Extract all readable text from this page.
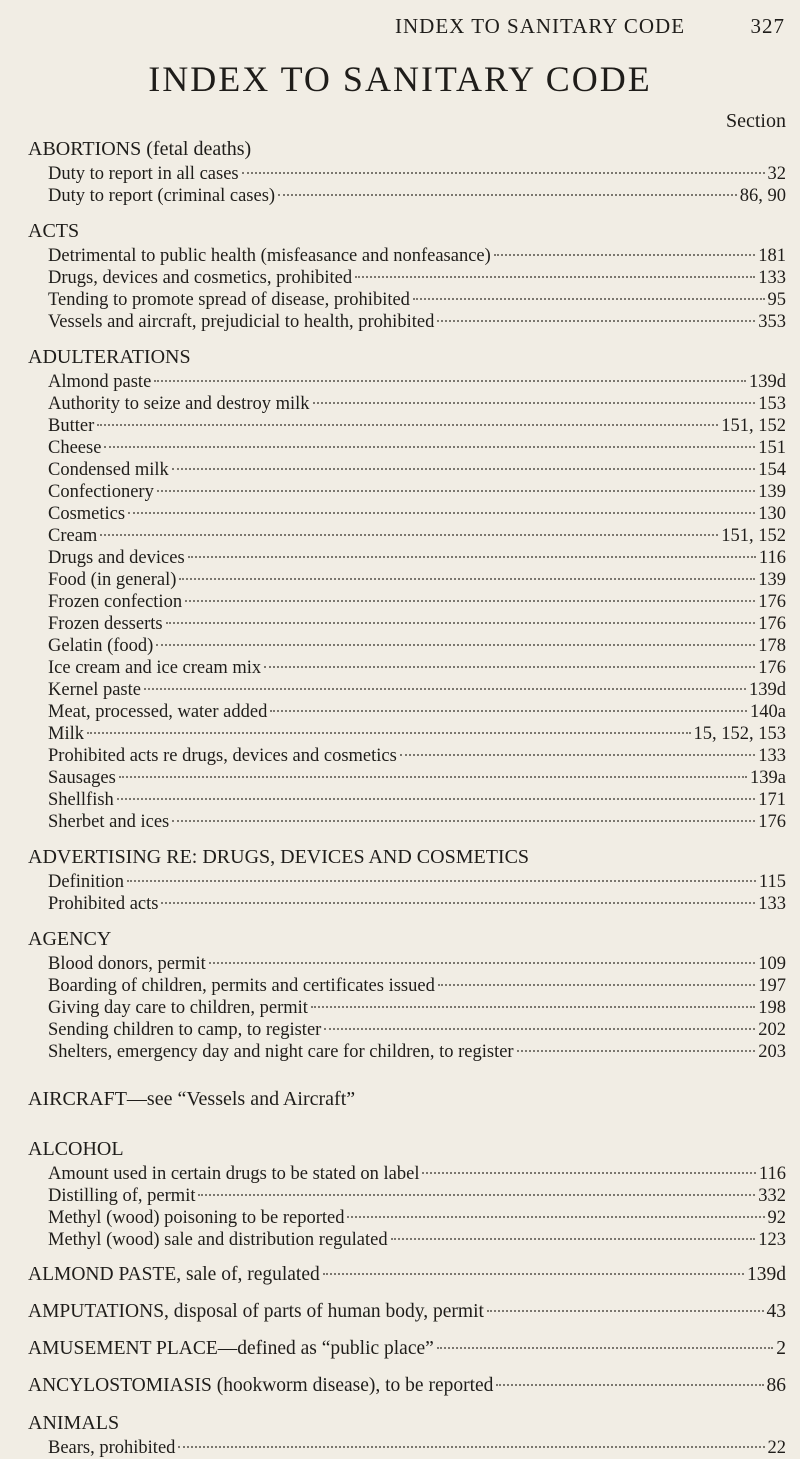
INDEX TO SANITARY CODE	327
INDEX TO SANITARY CODE
Section

ABORTIONS (fetal deaths)

Duty to report in all cases	32
Duty to report (criminal cases)	86, 90

ACTS

Detrimental to public health (misfeasance and nonfeasance)	181
Drugs, devices and cosmetics, prohibited	133
Tending to promote spread of disease, prohibited	95
Vessels and aircraft, prejudicial to health, prohibited	353

ADULTERATIONS

Almond paste	139d
Authority to seize and destroy milk	153
Butter	151, 152
Cheese	151
Condensed milk	154
Confectionery	139
Cosmetics	130
Cream	151, 152
Drugs and devices	116
Food (in general)	139
Frozen confection	176
Frozen desserts	176
Gelatin (food)	178
Ice cream and ice cream mix	176
Kernel paste	139d
Meat, processed, water added	140a
Milk	15, 152, 153
Prohibited acts re drugs, devices and cosmetics	133
Sausages	139a
Shellfish	171
Sherbet and ices	176

ADVERTISING RE: DRUGS, DEVICES AND COSMETICS

Definition	115
Prohibited acts	133

AGENCY

Blood donors, permit	109
Boarding of children, permits and certificates issued	197
Giving day care to children, permit	198
Sending children to camp, to register	202
Shelters, emergency day and night care for children, to register	203

AIRCRAFT—see “Vessels and Aircraft”

ALCOHOL

Amount used in certain drugs to be stated on label	116
Distilling of, permit	332
Methyl (wood) poisoning to be reported	92
Methyl (wood) sale and distribution regulated	123
ALMOND PASTE, sale of, regulated	139d
AMPUTATIONS, disposal of parts of human body, permit	43
AMUSEMENT PLACE—defined as “public place”	2
ANCYLOSTOMIASIS (hookworm disease), to be reported	86

ANIMALS

Bears, prohibited	22
